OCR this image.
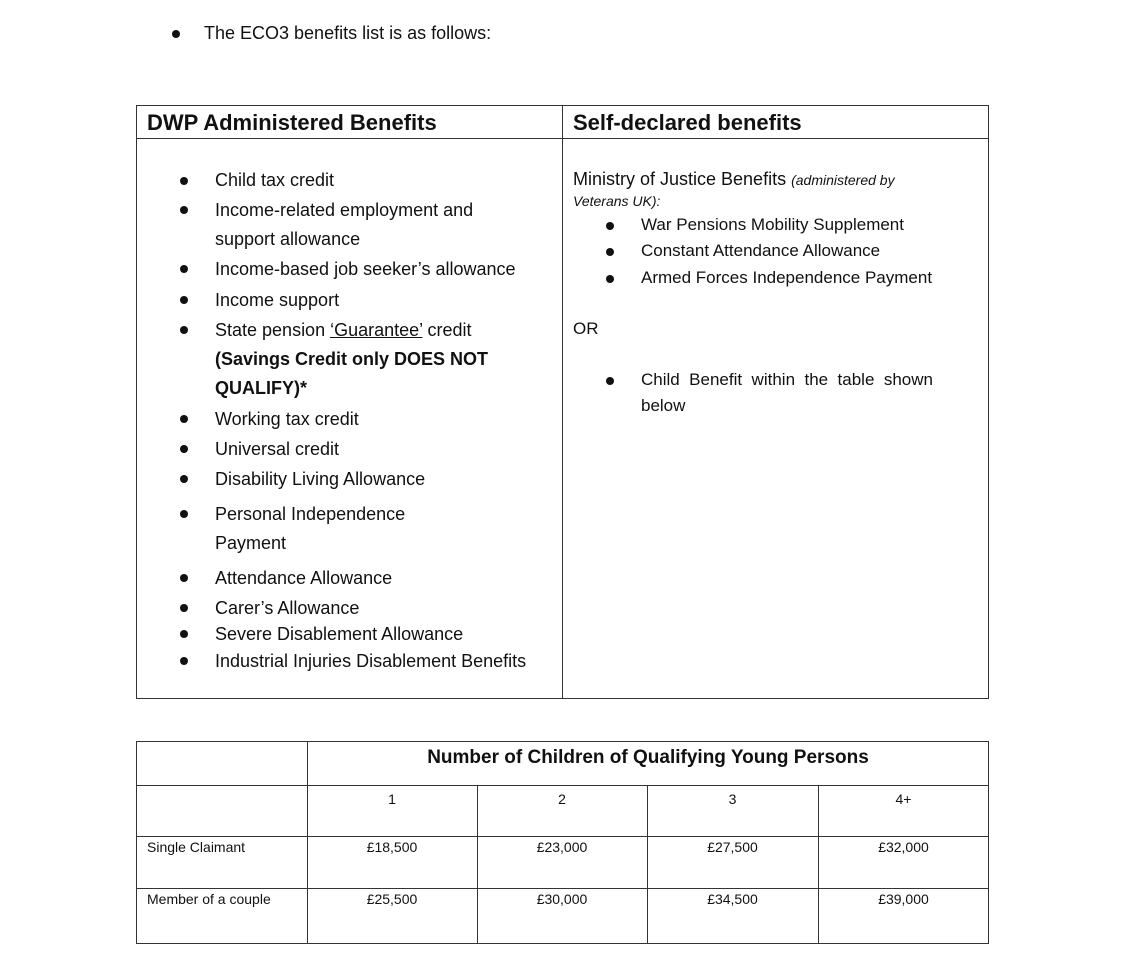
The ECO3 benefits list is as follows:
DWP Administered Benefits	Self-declared benefits
Child tax credit
Income-related employment and
support allowance
Income-based job seeker’s allowance
Income support
State pension ‘Guarantee’ credit
(Savings Credit only DOES NOT
QUALIFY)*
Working tax credit
Universal credit
Disability Living Allowance
Personal Independence
Payment
Attendance Allowance
Carer’s Allowance
Severe Disablement Allowance
Industrial Injuries Disablement Benefits
Ministry of Justice Benefits (administered by
Veterans UK):
War Pensions Mobility Supplement
Constant Attendance Allowance
Armed Forces Independence Payment
OR
Child  Benefit  within  the  table  shown
below
Number of Children of Qualifying Young Persons
1	2	3	4+
Single Claimant	£18,500	£23,000	£27,500	£32,000
Member of a couple	£25,500	£30,000	£34,500	£39,000
